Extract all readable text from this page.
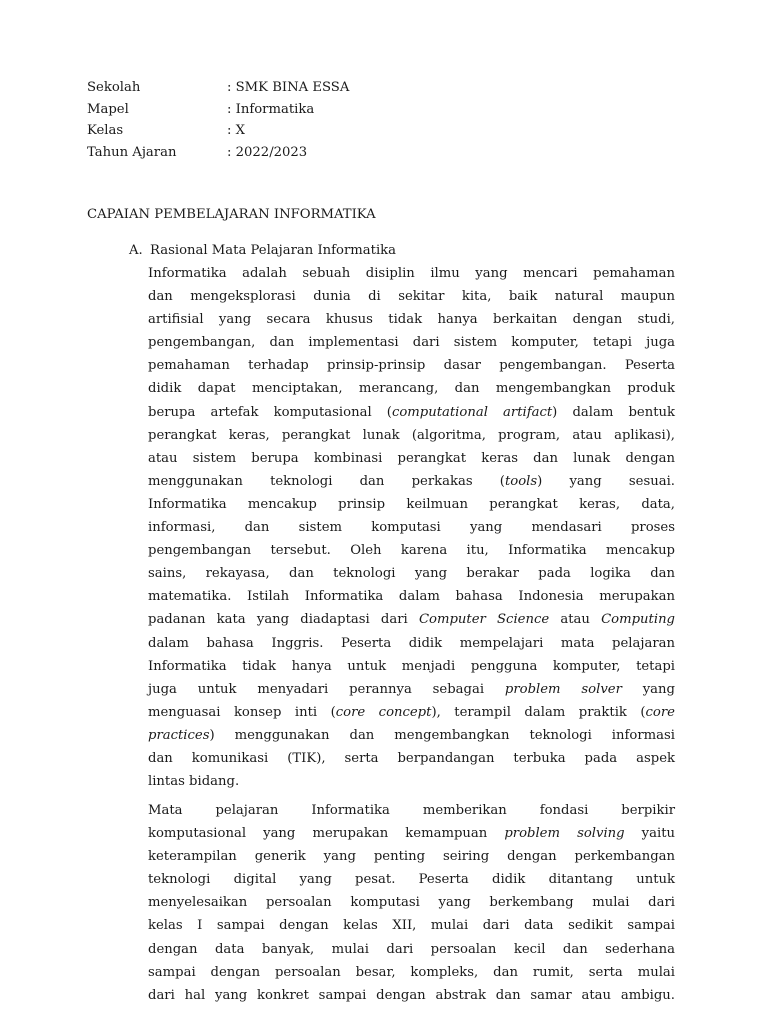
Sekolah	: SMK BINA ESSA
Mapel	: Informatika
Kelas	: X
Tahun Ajaran	: 2022/2023
CAPAIAN PEMBELAJARAN INFORMATIKA
A. Rasional Mata Pelajaran Informatika
Informatika adalah sebuah disiplin ilmu yang mencari pemahaman
dan mengeksplorasi dunia di sekitar kita, baik natural maupun
artifisial yang secara khusus tidak hanya berkaitan dengan studi,
pengembangan, dan implementasi dari sistem komputer, tetapi juga
pemahaman terhadap prinsip-prinsip dasar pengembangan. Peserta
didik dapat menciptakan, merancang, dan mengembangkan produk
berupa artefak komputasional (computational artifact) dalam bentuk
perangkat keras, perangkat lunak (algoritma, program, atau aplikasi),
atau sistem berupa kombinasi perangkat keras dan lunak dengan
menggunakan teknologi dan perkakas (tools) yang sesuai.
Informatika mencakup prinsip keilmuan perangkat keras, data,
informasi, dan sistem komputasi yang mendasari proses
pengembangan tersebut. Oleh karena itu, Informatika mencakup
sains, rekayasa, dan teknologi yang berakar pada logika dan
matematika. Istilah Informatika dalam bahasa Indonesia merupakan
padanan kata yang diadaptasi dari Computer Science atau Computing
dalam bahasa Inggris. Peserta didik mempelajari mata pelajaran
Informatika tidak hanya untuk menjadi pengguna komputer, tetapi
juga untuk menyadari perannya sebagai problem solver yang
menguasai konsep inti (core concept), terampil dalam praktik (core
practices) menggunakan dan mengembangkan teknologi informasi
dan komunikasi (TIK), serta berpandangan terbuka pada aspek
lintas bidang.
Mata pelajaran Informatika memberikan fondasi berpikir
komputasional yang merupakan kemampuan problem solving yaitu
keterampilan generik yang penting seiring dengan perkembangan
teknologi digital yang pesat. Peserta didik ditantang untuk
menyelesaikan persoalan komputasi yang berkembang mulai dari
kelas I sampai dengan kelas XII, mulai dari data sedikit sampai
dengan data banyak, mulai dari persoalan kecil dan sederhana
sampai dengan persoalan besar, kompleks, dan rumit, serta mulai
dari hal yang konkret sampai dengan abstrak dan samar atau ambigu.
